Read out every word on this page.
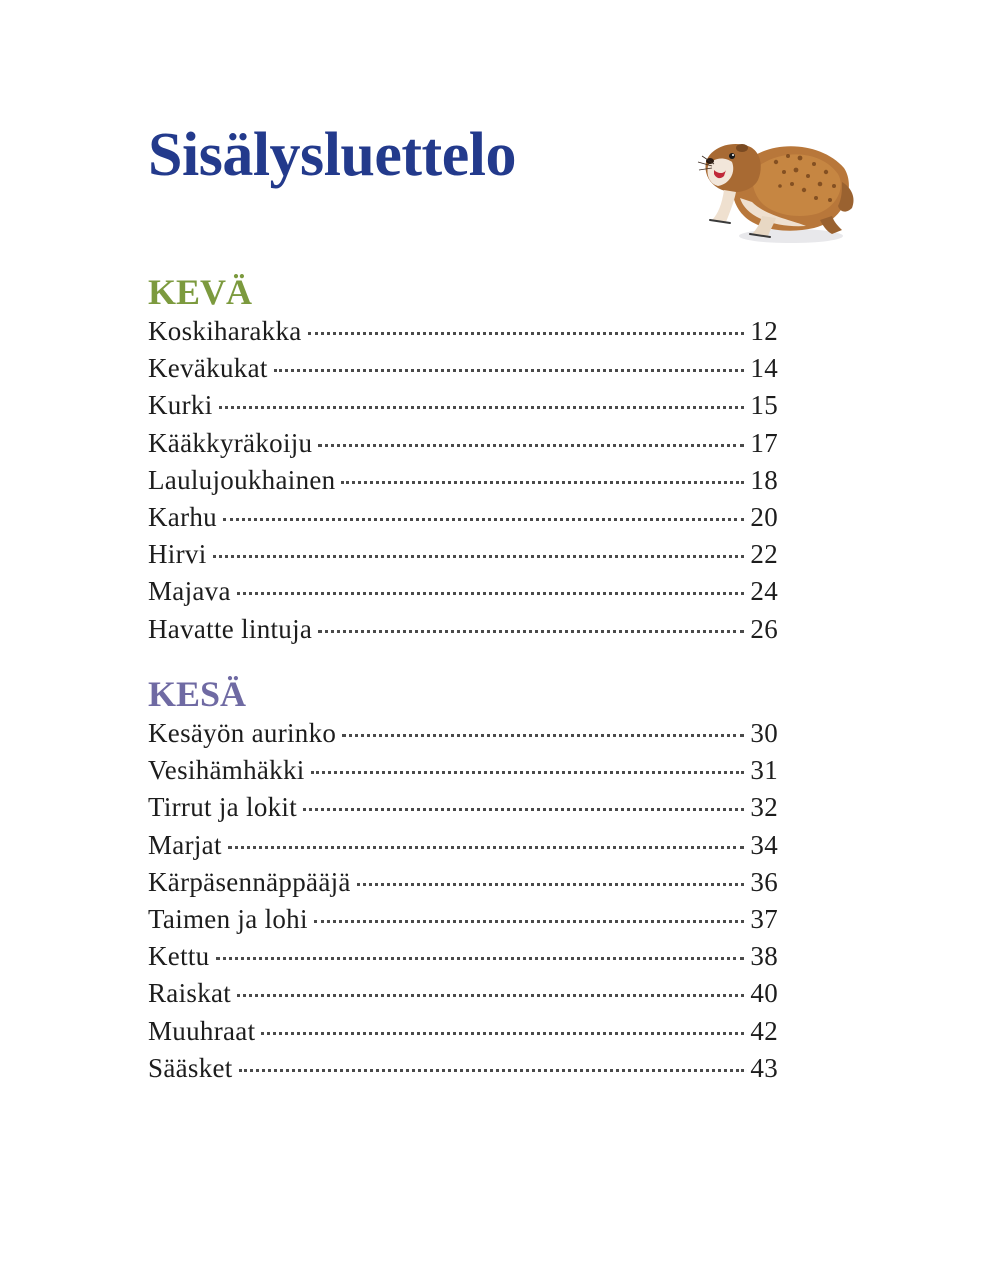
Sisälysluettelo
KEVÄ
Koskiharakka	12
Keväkukat	14
Kurki	15
Kääkkyräkoiju	17
Laulujoukhainen	18
Karhu	20
Hirvi	22
Majava	24
Havatte lintuja	26
KESÄ
Kesäyön aurinko	30
Vesihämhäkki	31
Tirrut ja lokit	32
Marjat	34
Kärpäsennäppääjä	36
Taimen ja lohi	37
Kettu	38
Raiskat	40
Muuhraat	42
Sääsket	43
